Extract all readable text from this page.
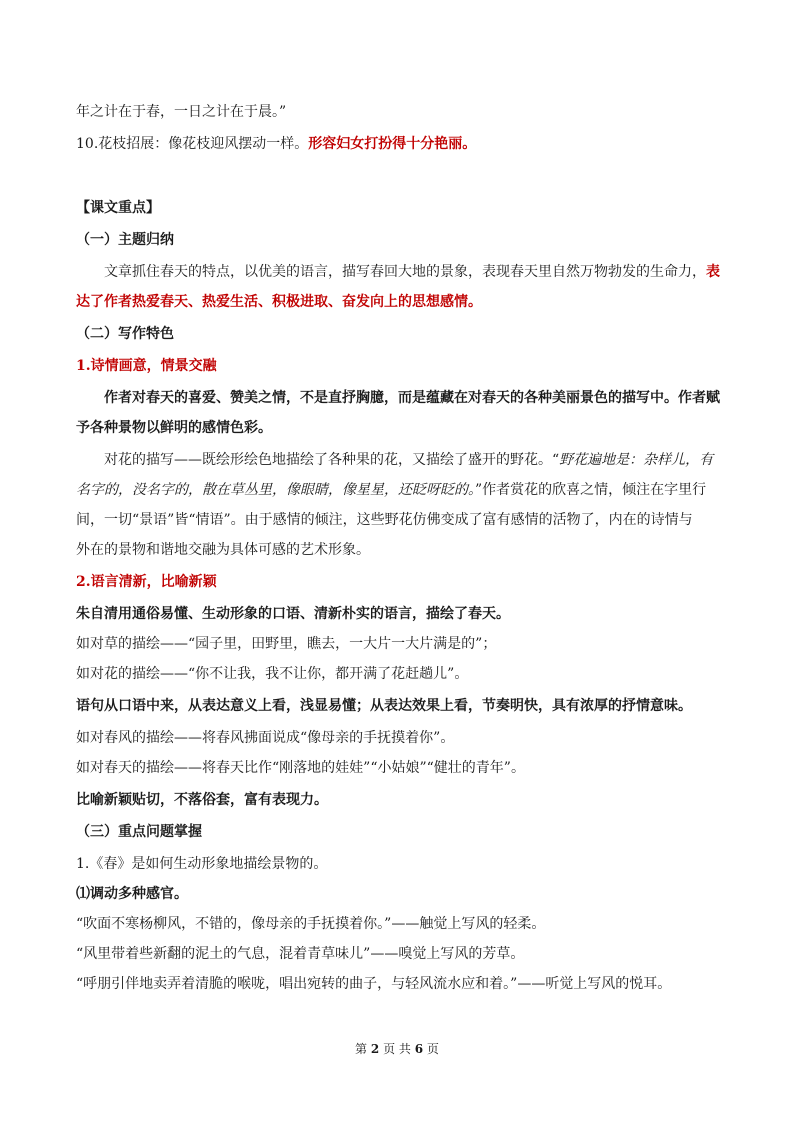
年之计在于春，一日之计在于晨。”
10.花枝招展：像花枝迎风摆动一样。形容妇女打扮得十分艳丽。
【课文重点】
（一）主题归纳
文章抓住春天的特点，以优美的语言，描写春回大地的景象，表现春天里自然万物勃发的生命力，表
达了作者热爱春天、热爱生活、积极进取、奋发向上的思想感情。
（二）写作特色
1.诗情画意，情景交融
作者对春天的喜爱、赞美之情，不是直抒胸臆，而是蕴藏在对春天的各种美丽景色的描写中。作者赋
予各种景物以鲜明的感情色彩。
对花的描写——既绘形绘色地描绘了各种果的花，又描绘了盛开的野花。“野花遍地是：杂样儿，有
名字的，没名字的，散在草丛里，像眼睛，像星星，还眨呀眨的。”作者赏花的欣喜之情，倾注在字里行
间，一切“景语”皆“情语”。由于感情的倾注，这些野花仿佛变成了富有感情的活物了，内在的诗情与
外在的景物和谐地交融为具体可感的艺术形象。
2.语言清新，比喻新颖
朱自清用通俗易懂、生动形象的口语、清新朴实的语言，描绘了春天。
如对草的描绘——“园子里，田野里，瞧去，一大片一大片满是的”；
如对花的描绘——“你不让我，我不让你，都开满了花赶趟儿”。
语句从口语中来，从表达意义上看，浅显易懂；从表达效果上看，节奏明快，具有浓厚的抒情意味。
如对春风的描绘——将春风拂面说成“像母亲的手抚摸着你”。
如对春天的描绘——将春天比作“刚落地的娃娃”“小姑娘”“健壮的青年”。
比喻新颖贴切，不落俗套，富有表现力。
（三）重点问题掌握
1.《春》是如何生动形象地描绘景物的。
⑴调动多种感官。
“吹面不寒杨柳风，不错的，像母亲的手抚摸着你。”——触觉上写风的轻柔。
“风里带着些新翻的泥土的气息，混着青草味儿”——嗅觉上写风的芳草。
“呼朋引伴地卖弄着清脆的喉咙，唱出宛转的曲子，与轻风流水应和着。”——听觉上写风的悦耳。
第 2 页 共 6 页
